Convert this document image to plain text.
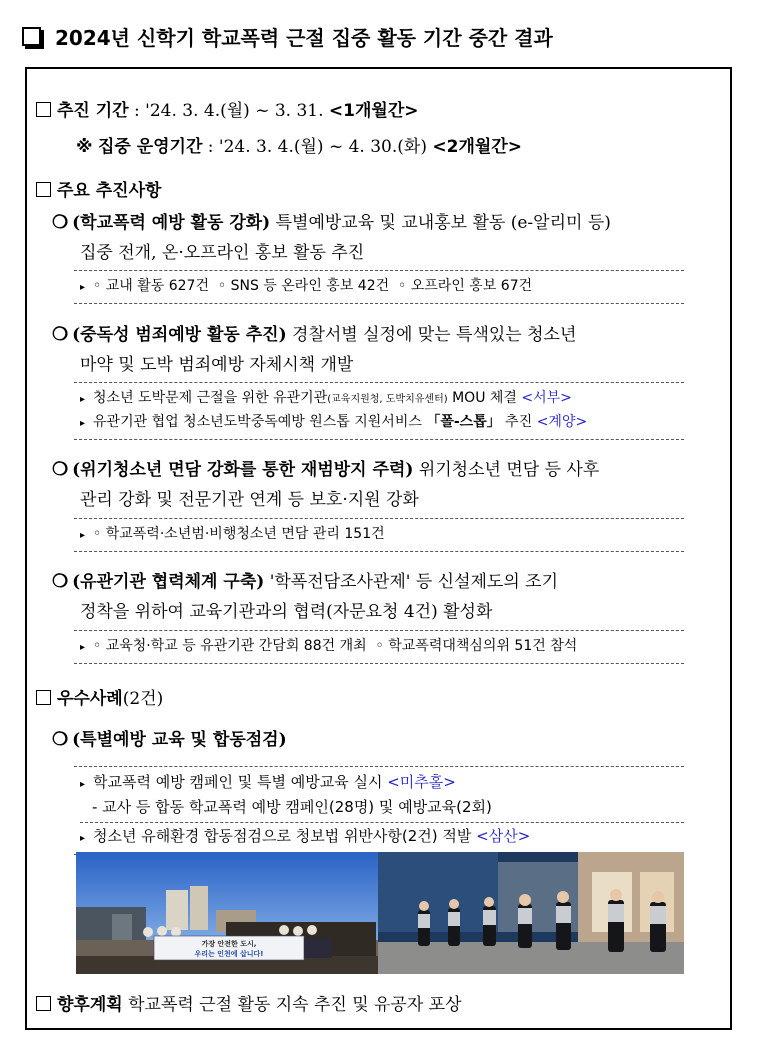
2024년 신학기 학교폭력 근절 집중 활동 기간 중간 결과
추진 기간 : '24. 3. 4.(월) ~ 3. 31. <1개월간>
※ 집중 운영기간 : '24. 3. 4.(월) ~ 4. 30.(화) <2개월간>
주요 추진사항
❍ (학교폭력 예방 활동 강화) 특별예방교육 및 교내홍보 활동 (e-알리미 등)
집중 전개, 온·오프라인 홍보 활동 추진
▸ ◦ 교내 활동 627건 ◦ SNS 등 온라인 홍보 42건 ◦ 오프라인 홍보 67건
❍ (중독성 범죄예방 활동 추진) 경찰서별 실정에 맞는 특색있는 청소년
마약 및 도박 범죄예방 자체시책 개발
▸ 청소년 도박문제 근절을 위한 유관기관(교육지원청, 도박치유센터) MOU 체결 <서부>
▸ 유관기관 협업 청소년도박중독예방 원스톱 지원서비스 「폴-스톱」 추진 <계양>
❍ (위기청소년 면담 강화를 통한 재범방지 주력) 위기청소년 면담 등 사후
관리 강화 및 전문기관 연계 등 보호·지원 강화
▸ ◦ 학교폭력·소년범·비행청소년 면담 관리 151건
❍ (유관기관 협력체계 구축) '학폭전담조사관제' 등 신설제도의 조기
정착을 위하여 교육기관과의 협력(자문요청 4건) 활성화
▸ ◦ 교육청·학교 등 유관기관 간담회 88건 개최 ◦ 학교폭력대책심의위 51건 참석
우수사례(2건)
❍ (특별예방 교육 및 합동점검)
▸ 학교폭력 예방 캠페인 및 특별 예방교육 실시 <미추홀>
- 교사 등 합동 학교폭력 예방 캠페인(28명) 및 예방교육(2회)
▸ 청소년 유해환경 합동점검으로 청보법 위반사항(2건) 적발 <삼산>
가장 안전한 도시,
우리는 인천에 삽니다!
향후계획 학교폭력 근절 활동 지속 추진 및 유공자 포상
